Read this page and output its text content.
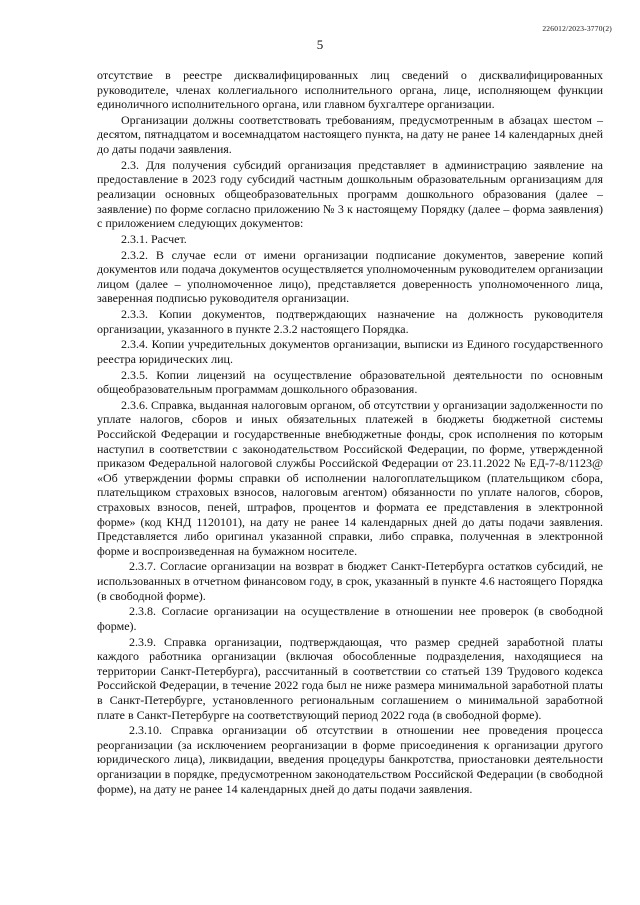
226012/2023-3770(2)
5

отсутствие в реестре дисквалифицированных лиц сведений о дисквалифицированных руководителе, членах коллегиального исполнительного органа, лице, исполняющем функции единоличного исполнительного органа, или главном бухгалтере организации.

Организации должны соответствовать требованиям, предусмотренным в абзацах шестом – десятом, пятнадцатом и восемнадцатом настоящего пункта, на дату не ранее 14 календарных дней до даты подачи заявления.

2.3. Для получения субсидий организация представляет в администрацию заявление на предоставление в 2023 году субсидий частным дошкольным образовательным организациям для реализации основных общеобразовательных программ дошкольного образования (далее – заявление) по форме согласно приложению № 3 к настоящему Порядку (далее – форма заявления) с приложением следующих документов:

2.3.1. Расчет.

2.3.2. В случае если от имени организации подписание документов, заверение копий документов или подача документов осуществляется уполномоченным руководителем организации лицом (далее – уполномоченное лицо), представляется доверенность уполномоченного лица, заверенная подписью руководителя организации.

2.3.3. Копии документов, подтверждающих назначение на должность руководителя организации, указанного в пункте 2.3.2 настоящего Порядка.

2.3.4. Копии учредительных документов организации, выписки из Единого государственного реестра юридических лиц.

2.3.5. Копии лицензий на осуществление образовательной деятельности по основным общеобразовательным программам дошкольного образования.

2.3.6. Справка, выданная налоговым органом, об отсутствии у организации задолженности по уплате налогов, сборов и иных обязательных платежей в бюджеты бюджетной системы Российской Федерации и государственные внебюджетные фонды, срок исполнения по которым наступил в соответствии с законодательством Российской Федерации, по форме, утвержденной приказом Федеральной налоговой службы Российской Федерации от 23.11.2022 № ЕД-7-8/1123@ «Об утверждении формы справки об исполнении налогоплательщиком (плательщиком сбора, плательщиком страховых взносов, налоговым агентом) обязанности по уплате налогов, сборов, страховых взносов, пеней, штрафов, процентов и формата ее представления в электронной форме» (код КНД 1120101), на дату не ранее 14 календарных дней до даты подачи заявления. Представляется либо оригинал указанной справки, либо справка, полученная в электронной форме и воспроизведенная на бумажном носителе.

2.3.7. Согласие организации на возврат в бюджет Санкт-Петербурга остатков субсидий, не использованных в отчетном финансовом году, в срок, указанный в пункте 4.6 настоящего Порядка (в свободной форме).

2.3.8. Согласие организации на осуществление в отношении нее проверок (в свободной форме).

2.3.9. Справка организации, подтверждающая, что размер средней заработной платы каждого работника организации (включая обособленные подразделения, находящиеся на территории Санкт-Петербурга), рассчитанный в соответствии со статьей 139 Трудового кодекса Российской Федерации, в течение 2022 года был не ниже размера минимальной заработной платы в Санкт-Петербурге, установленного региональным соглашением о минимальной заработной плате в Санкт-Петербурге на соответствующий период 2022 года (в свободной форме).

2.3.10. Справка организации об отсутствии в отношении нее проведения процесса реорганизации (за исключением реорганизации в форме присоединения к организации другого юридического лица), ликвидации, введения процедуры банкротства, приостановки деятельности организации в порядке, предусмотренном законодательством Российской Федерации (в свободной форме), на дату не ранее 14 календарных дней до даты подачи заявления.
